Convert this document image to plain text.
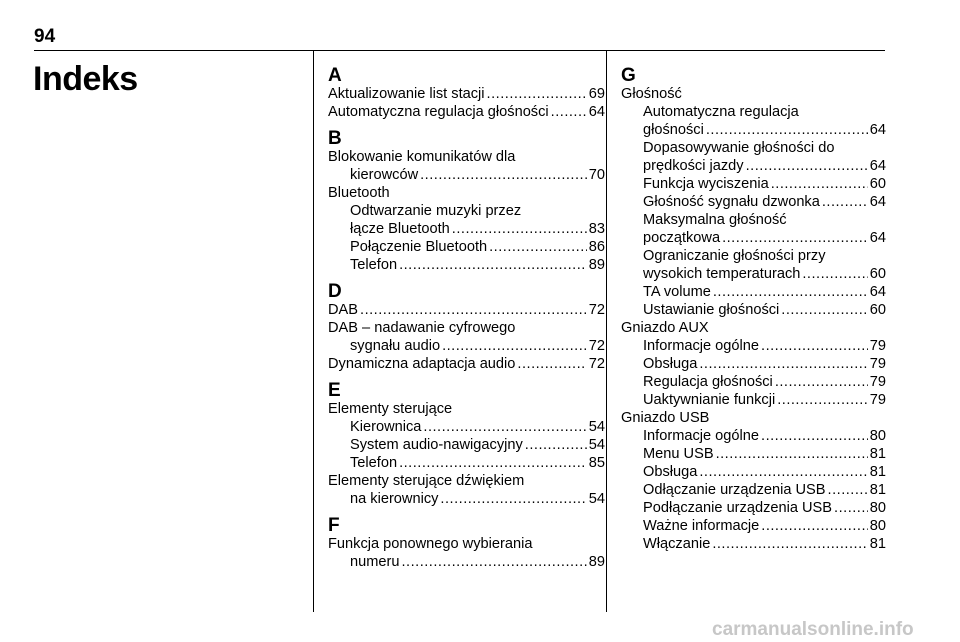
94
Indeks	A
Aktualizowanie list stacji .....	69
Automatyczna regulacja głośności .....	64
B
Blokowanie komunikatów dla
kierowców .....	70
Bluetooth
Odtwarzanie muzyki przez
łącze Bluetooth .....	83
Połączenie Bluetooth .....	86
Telefon .....	89
D
DAB .....	72
DAB – nadawanie cyfrowego
sygnału audio .....	72
Dynamiczna adaptacja audio .....	72
E
Elementy sterujące
Kierownica .....	54
System audio-nawigacyjny .....	54
Telefon .....	85
Elementy sterujące dźwiękiem
na kierownicy .....	54
F
Funkcja ponownego wybierania
numeru .....	89
G
Głośność
Automatyczna regulacja
głośności .....	64
Dopasowywanie głośności do
prędkości jazdy .....	64
Funkcja wyciszenia .....	60
Głośność sygnału dzwonka .....	64
Maksymalna głośność
początkowa .....	64
Ograniczanie głośności przy
wysokich temperaturach .....	60
TA volume .....	64
Ustawianie głośności .....	60
Gniazdo AUX
Informacje ogólne .....	79
Obsługa .....	79
Regulacja głośności .....	79
Uaktywnianie funkcji .....	79
Gniazdo USB
Informacje ogólne .....	80
Menu USB .....	81
Obsługa .....	81
Odłączanie urządzenia USB .....	81
Podłączanie urządzenia USB .....	80
Ważne informacje .....	80
Włączanie .....	81
carmanualsonline.info
